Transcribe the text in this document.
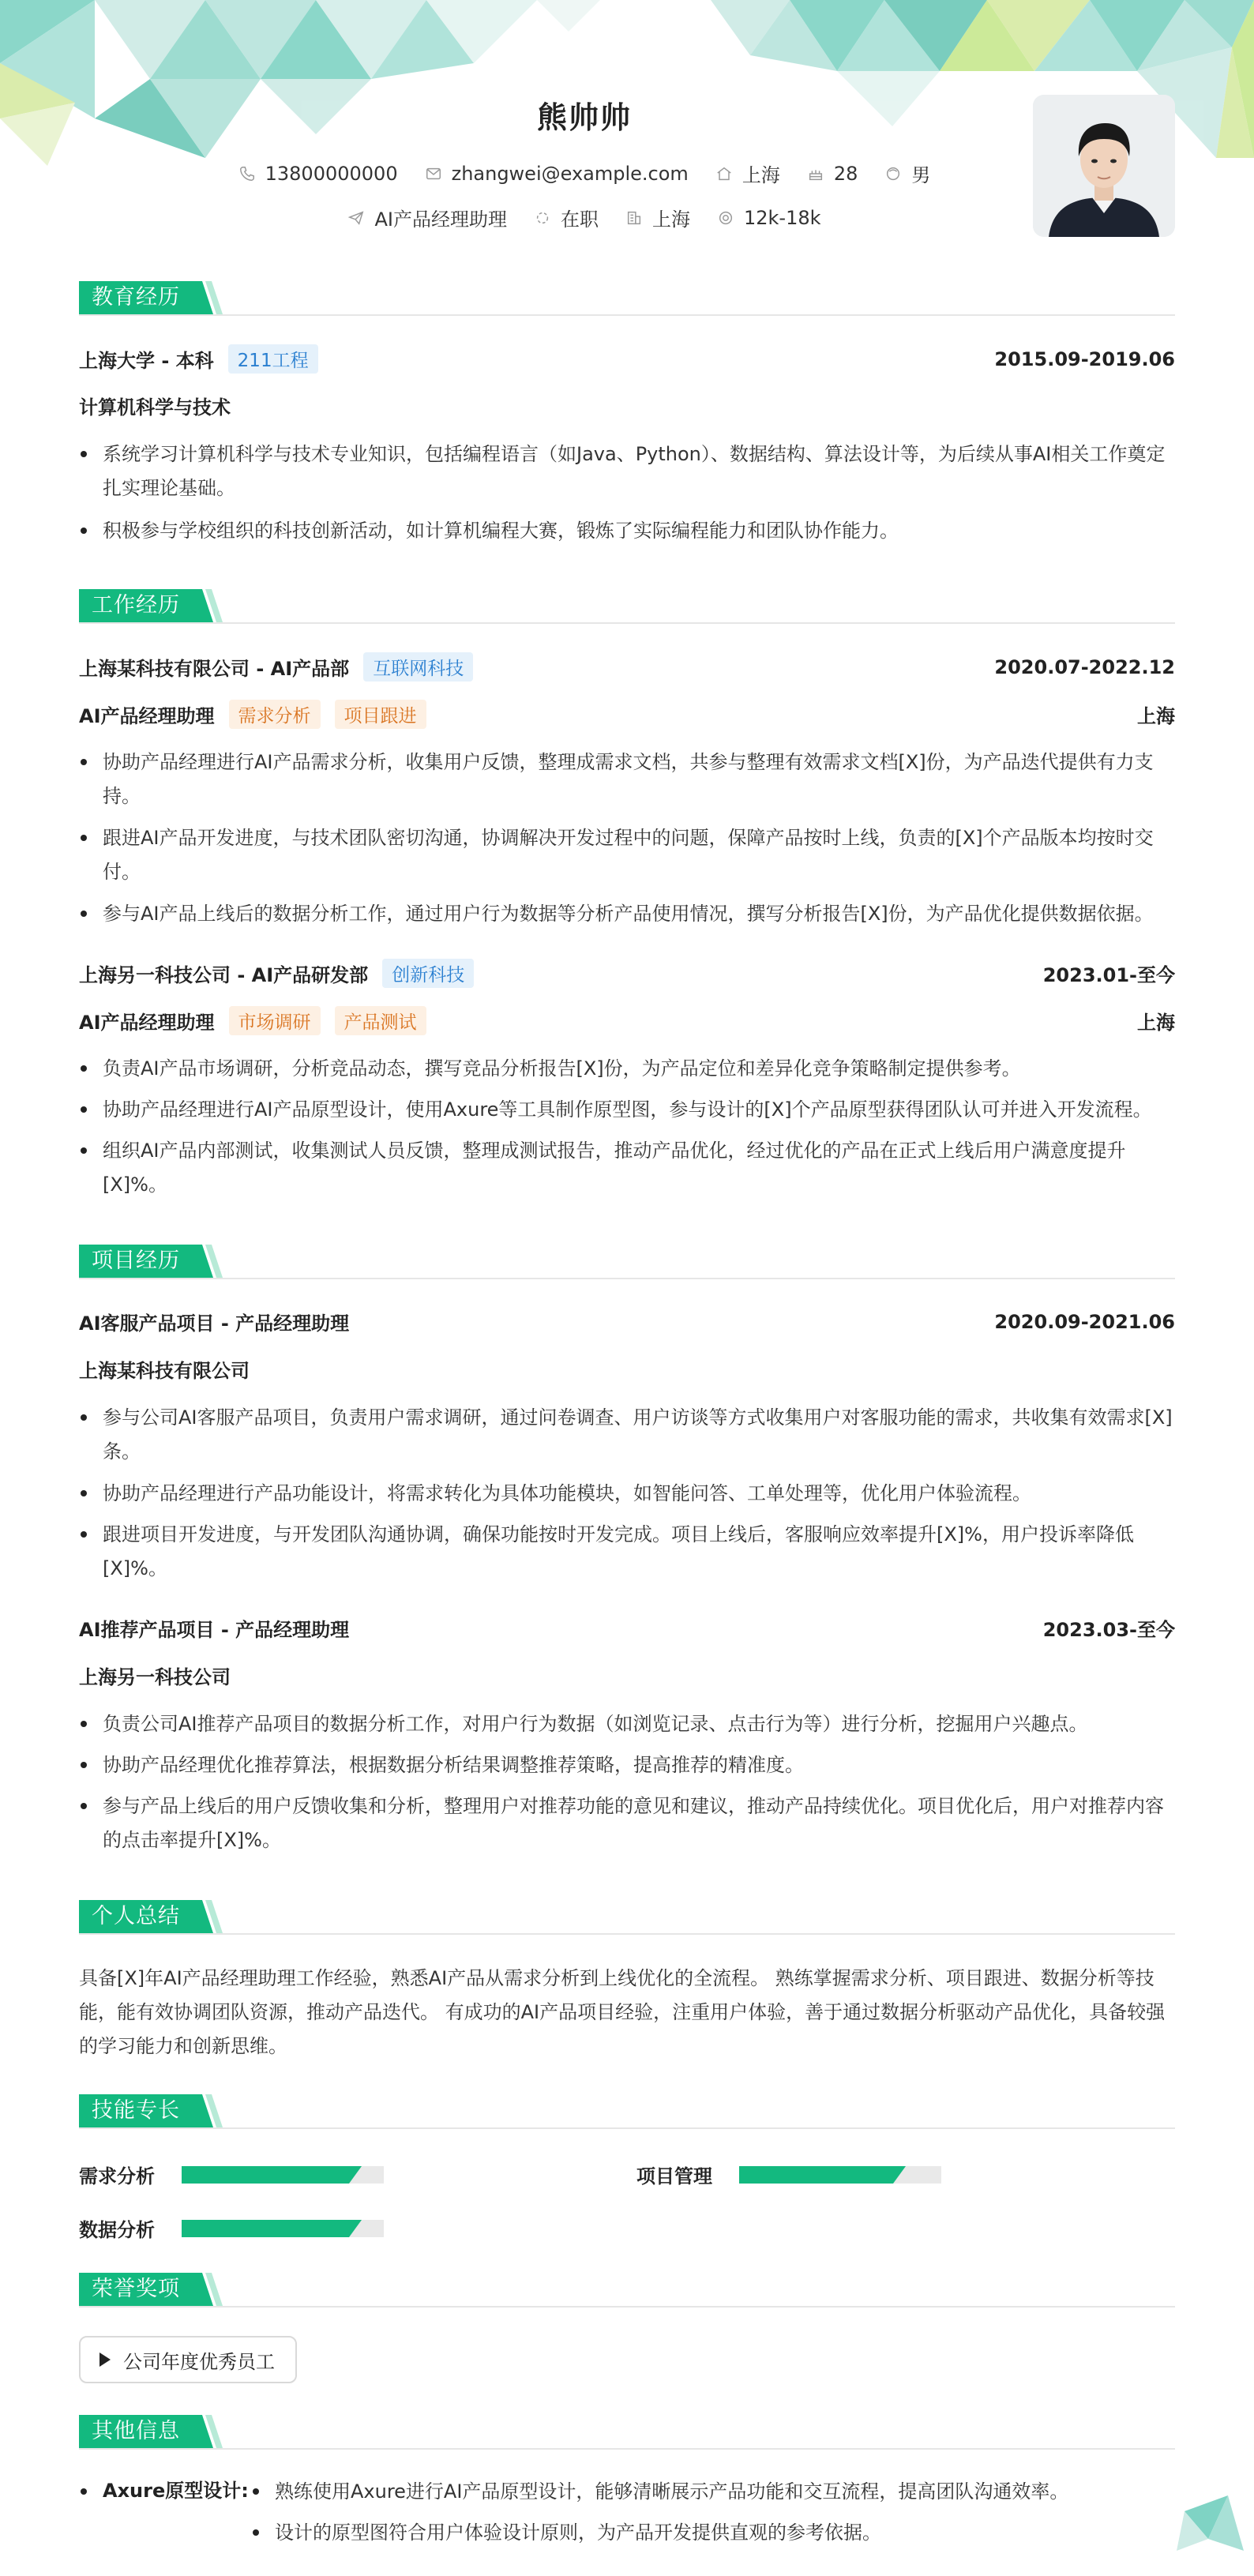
熊帅帅
13800000000	zhangwei@example.com	上海	28	男
AI产品经理助理	在职	上海	12k-18k
教育经历
上海大学 - 本科	211工程	2015.09-2019.06
计算机科学与技术
系统学习计算机科学与技术专业知识，包括编程语言（如Java、Python）、数据结构、算法设计等，为后续从事AI相关工作奠定扎实理论基础。
积极参与学校组织的科技创新活动，如计算机编程大赛，锻炼了实际编程能力和团队协作能力。
工作经历
上海某科技有限公司 - AI产品部	互联网科技	2020.07-2022.12
AI产品经理助理	需求分析	项目跟进	上海
协助产品经理进行AI产品需求分析，收集用户反馈，整理成需求文档，共参与整理有效需求文档[X]份，为产品迭代提供有力支持。
跟进AI产品开发进度，与技术团队密切沟通，协调解决开发过程中的问题，保障产品按时上线，负责的[X]个产品版本均按时交付。
参与AI产品上线后的数据分析工作，通过用户行为数据等分析产品使用情况，撰写分析报告[X]份，为产品优化提供数据依据。
上海另一科技公司 - AI产品研发部	创新科技	2023.01-至今
AI产品经理助理	市场调研	产品测试	上海
负责AI产品市场调研，分析竞品动态，撰写竞品分析报告[X]份，为产品定位和差异化竞争策略制定提供参考。
协助产品经理进行AI产品原型设计，使用Axure等工具制作原型图，参与设计的[X]个产品原型获得团队认可并进入开发流程。
组织AI产品内部测试，收集测试人员反馈，整理成测试报告，推动产品优化，经过优化的产品在正式上线后用户满意度提升[X]%。
项目经历
AI客服产品项目 - 产品经理助理	2020.09-2021.06
上海某科技有限公司
参与公司AI客服产品项目，负责用户需求调研，通过问卷调查、用户访谈等方式收集用户对客服功能的需求，共收集有效需求[X]条。
协助产品经理进行产品功能设计，将需求转化为具体功能模块，如智能问答、工单处理等，优化用户体验流程。
跟进项目开发进度，与开发团队沟通协调，确保功能按时开发完成。项目上线后，客服响应效率提升[X]%，用户投诉率降低[X]%。
AI推荐产品项目 - 产品经理助理	2023.03-至今
上海另一科技公司
负责公司AI推荐产品项目的数据分析工作，对用户行为数据（如浏览记录、点击行为等）进行分析，挖掘用户兴趣点。
协助产品经理优化推荐算法，根据数据分析结果调整推荐策略，提高推荐的精准度。
参与产品上线后的用户反馈收集和分析，整理用户对推荐功能的意见和建议，推动产品持续优化。项目优化后，用户对推荐内容的点击率提升[X]%。
个人总结
具备[X]年AI产品经理助理工作经验，熟悉AI产品从需求分析到上线优化的全流程。 熟练掌握需求分析、项目跟进、数据分析等技能，能有效协调团队资源，推动产品迭代。 有成功的AI产品项目经验，注重用户体验，善于通过数据分析驱动产品优化，具备较强的学习能力和创新思维。
技能专长
需求分析	项目管理
数据分析
荣誉奖项
公司年度优秀员工
其他信息
Axure原型设计:	熟练使用Axure进行AI产品原型设计，能够清晰展示产品功能和交互流程，提高团队沟通效率。
设计的原型图符合用户体验设计原则，为产品开发提供直观的参考依据。
